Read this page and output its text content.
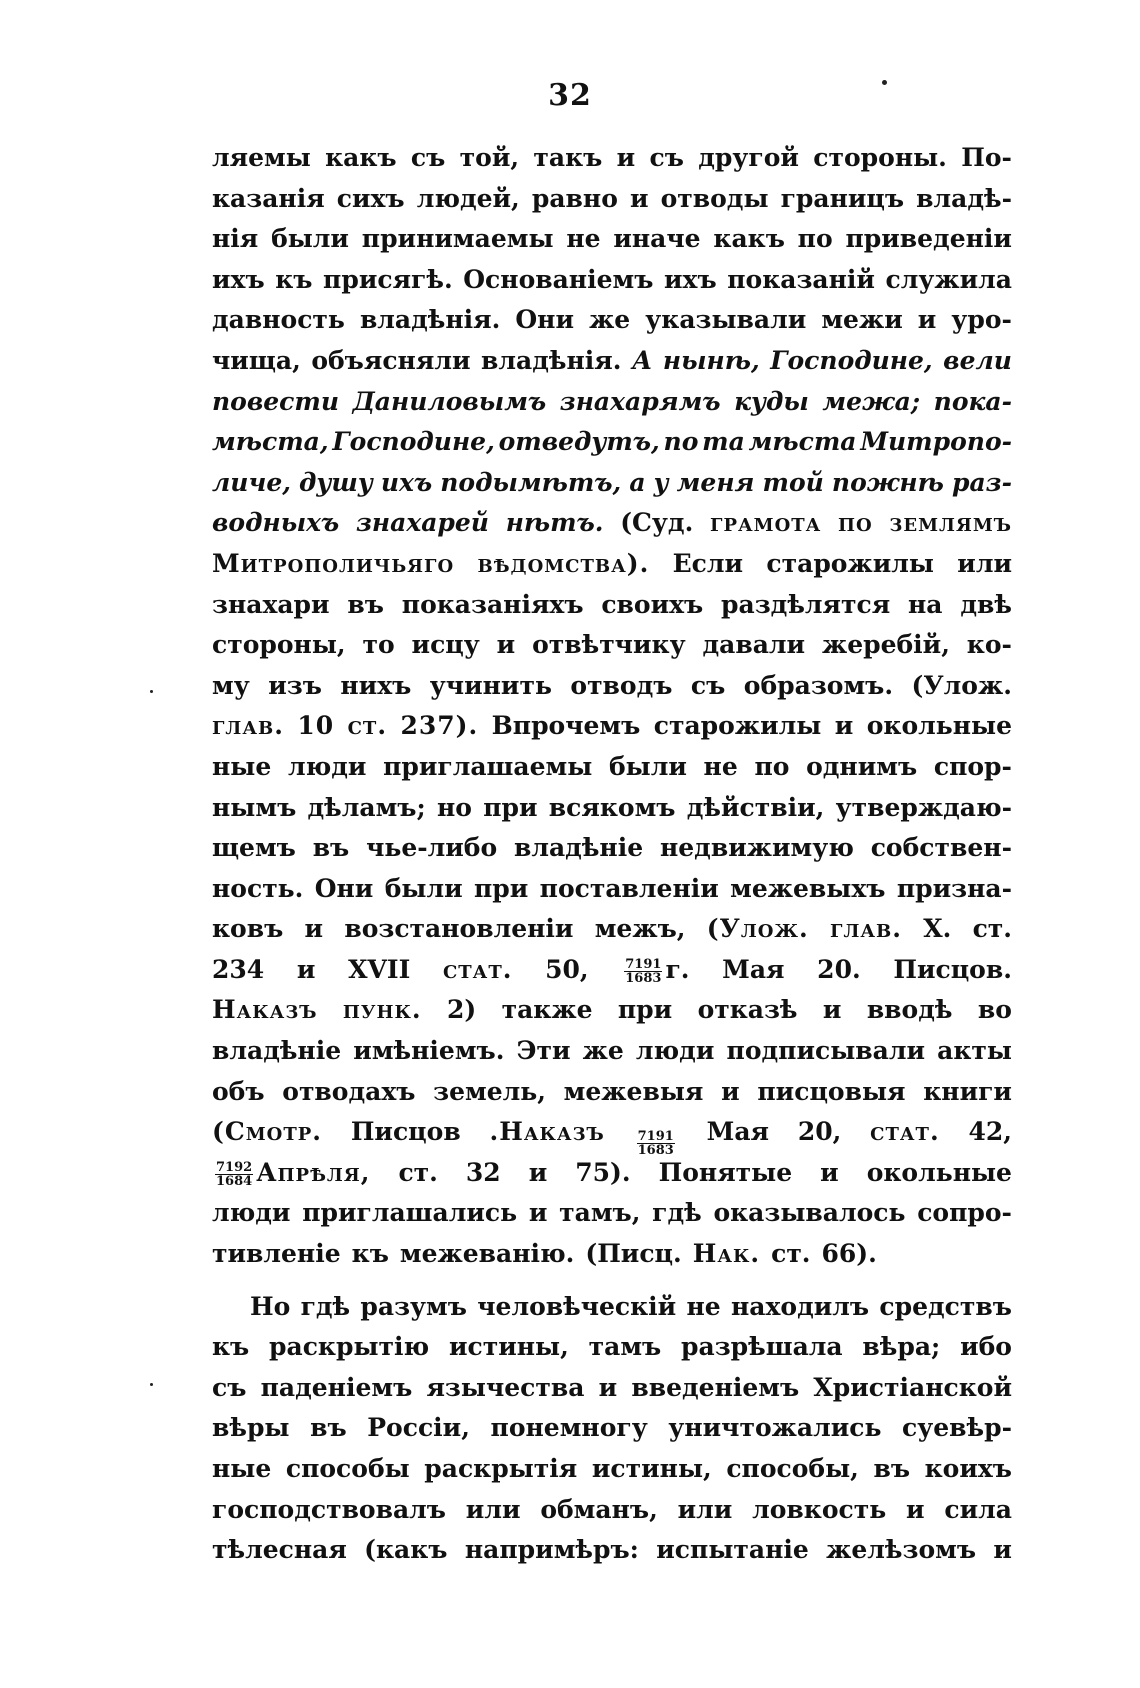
32
ляемы какъ съ той, такъ и съ другой стороны. По-
казанія сихъ людей, равно и отводы границъ владѣ-
нія были принимаемы не иначе какъ по приведеніи
ихъ къ присягѣ. Основаніемъ ихъ показаній служила
давность владѣнія. Они же указывали межи и уро-
чища, объясняли владѣнія. А нынѣ, Господине, вели
повести Даниловымъ знахарямъ куды межа; пока-
мѣста, Господине, отведутъ, по та мѣста Митропо-
личе, душу ихъ подымѣтъ, а у меня той пожнѣ раз-
водныхъ знахарей нѣтъ. (Суд. грамота по землямъ
Митрополичьяго вѣдомства). Если старожилы или
знахари въ показаніяхъ своихъ раздѣлятся на двѣ
стороны, то исцу и отвѣтчику давали жеребій, ко-
му изъ нихъ учинить отводъ съ образомъ. (Улож.
глав. 10 ст. 237). Впрочемъ старожилы и окольные
ные люди приглашаемы были не по однимъ спор-
нымъ дѣламъ; но при всякомъ дѣйствіи, утверждаю-
щемъ въ чье-либо владѣніе недвижимую собствен-
ность. Они были при поставленіи межевыхъ призна-
ковъ и возстановленіи межъ, (Улож. глав. X. ст.
234 и XVII стат. 50,	$\frac{7191}{1683} г$. Мая 20. Писцов.
Наказъ пунк. 2) также при отказѣ и вводѣ во
владѣніе имѣніемъ. Эти же люди подписывали акты
объ отводахъ земель, межевыя и писцовыя книги
(Смотр. Писцов .Наказъ $\frac{7191}{1683}$ Мая 20, стат. 42,
$\frac{7192}{1684}$ Апрѣля, ст. 32 и 75). Понятые и окольные
люди приглашались и тамъ, гдѣ оказывалось сопро-
тивленіе къ межеванію. (Писц. Нак. ст. 66).
Но гдѣ разумъ человѣческій не находилъ средствъ
къ раскрытію истины, тамъ разрѣшала вѣра; ибо
съ паденіемъ язычества и введеніемъ Христіанской
вѣры въ Россіи, понемногу уничтожались суевѣр-
ные способы раскрытія истины, способы, въ коихъ
господствовалъ или обманъ, или ловкость и сила
тѣлесная (какъ напримѣръ: испытаніе желѣзомъ и
